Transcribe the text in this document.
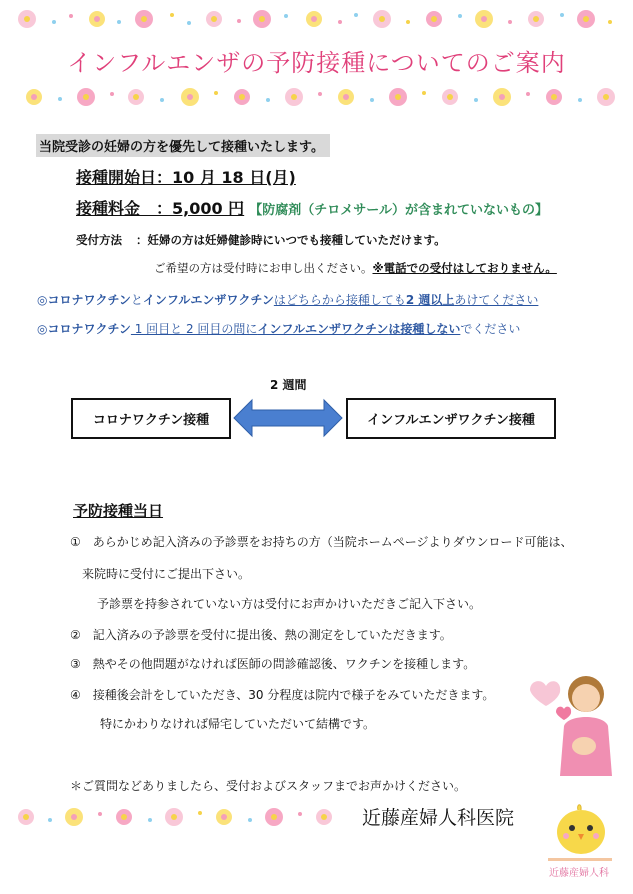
インフルエンザの予防接種についてのご案内
当院受診の妊婦の方を優先して接種いたします。
接種開始日：10 月 18 日(月)
接種料金　：5,000 円 【防腐剤（チロメサール）が含まれていないもの】
受付方法 ：妊婦の方は妊婦健診時にいつでも接種していただけます。
ご希望の方は受付時にお申し出ください。※電話での受付はしておりません。
◎コロナワクチンとインフルエンザワクチンはどちらから接種しても2 週以上あけてください
◎コロナワクチン 1 回目と 2 回目の間にインフルエンザワクチンは接種しないでください
2 週間
コロナワクチン接種	インフルエンザワクチン接種
予防接種当日
①　あらかじめ記入済みの予診票をお持ちの方（当院ホームページよりダウンロード可能は、
来院時に受付にご提出下さい。
予診票を持参されていない方は受付にお声かけいただきご記入下さい。
②　記入済みの予診票を受付に提出後、熱の測定をしていただきます。
③　熱やその他問題がなければ医師の問診確認後、ワクチンを接種します。
④　接種後会計をしていただき、30 分程度は院内で様子をみていただきます。
特にかわりなければ帰宅していただいて結構です。
＊ご質問などありましたら、受付およびスタッフまでお声かけください。
近藤産婦人科医院
近藤産婦人科
